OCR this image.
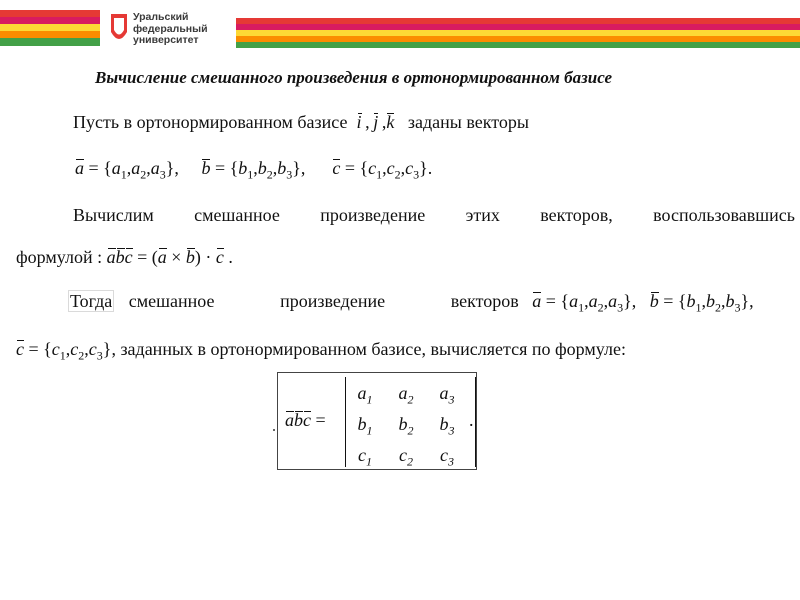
Уральский
федеральный
университет
Вычисление смешанного произведения в ортонормированном базисе
Пусть в ортонормированном базисе i , j ,k заданы векторы
$a = \{a_1,a_2,a_3\}$,     $b = \{b_1,b_2,b_3\}$,      $c = \{c_1,c_2,c_3\}$.
Вычислим смешанное произведение этих векторов, воспользовавшись
формулой : abc = (a × b) · c .
Тогда смешанное произведение векторов $a = \{a_1,a_2,a_3\}$,   $b = \{b_1,b_2,b_3\}$,
$c = \{c_1,c_2,c_3\}$, заданных в ортонормированном базисе, вычисляется по формуле:
abc =
$a_1$	$a_2$	$a_3$
$b_1$	$b_2$	$b_3$
$c_1$	$c_2$	$c_3$
.
